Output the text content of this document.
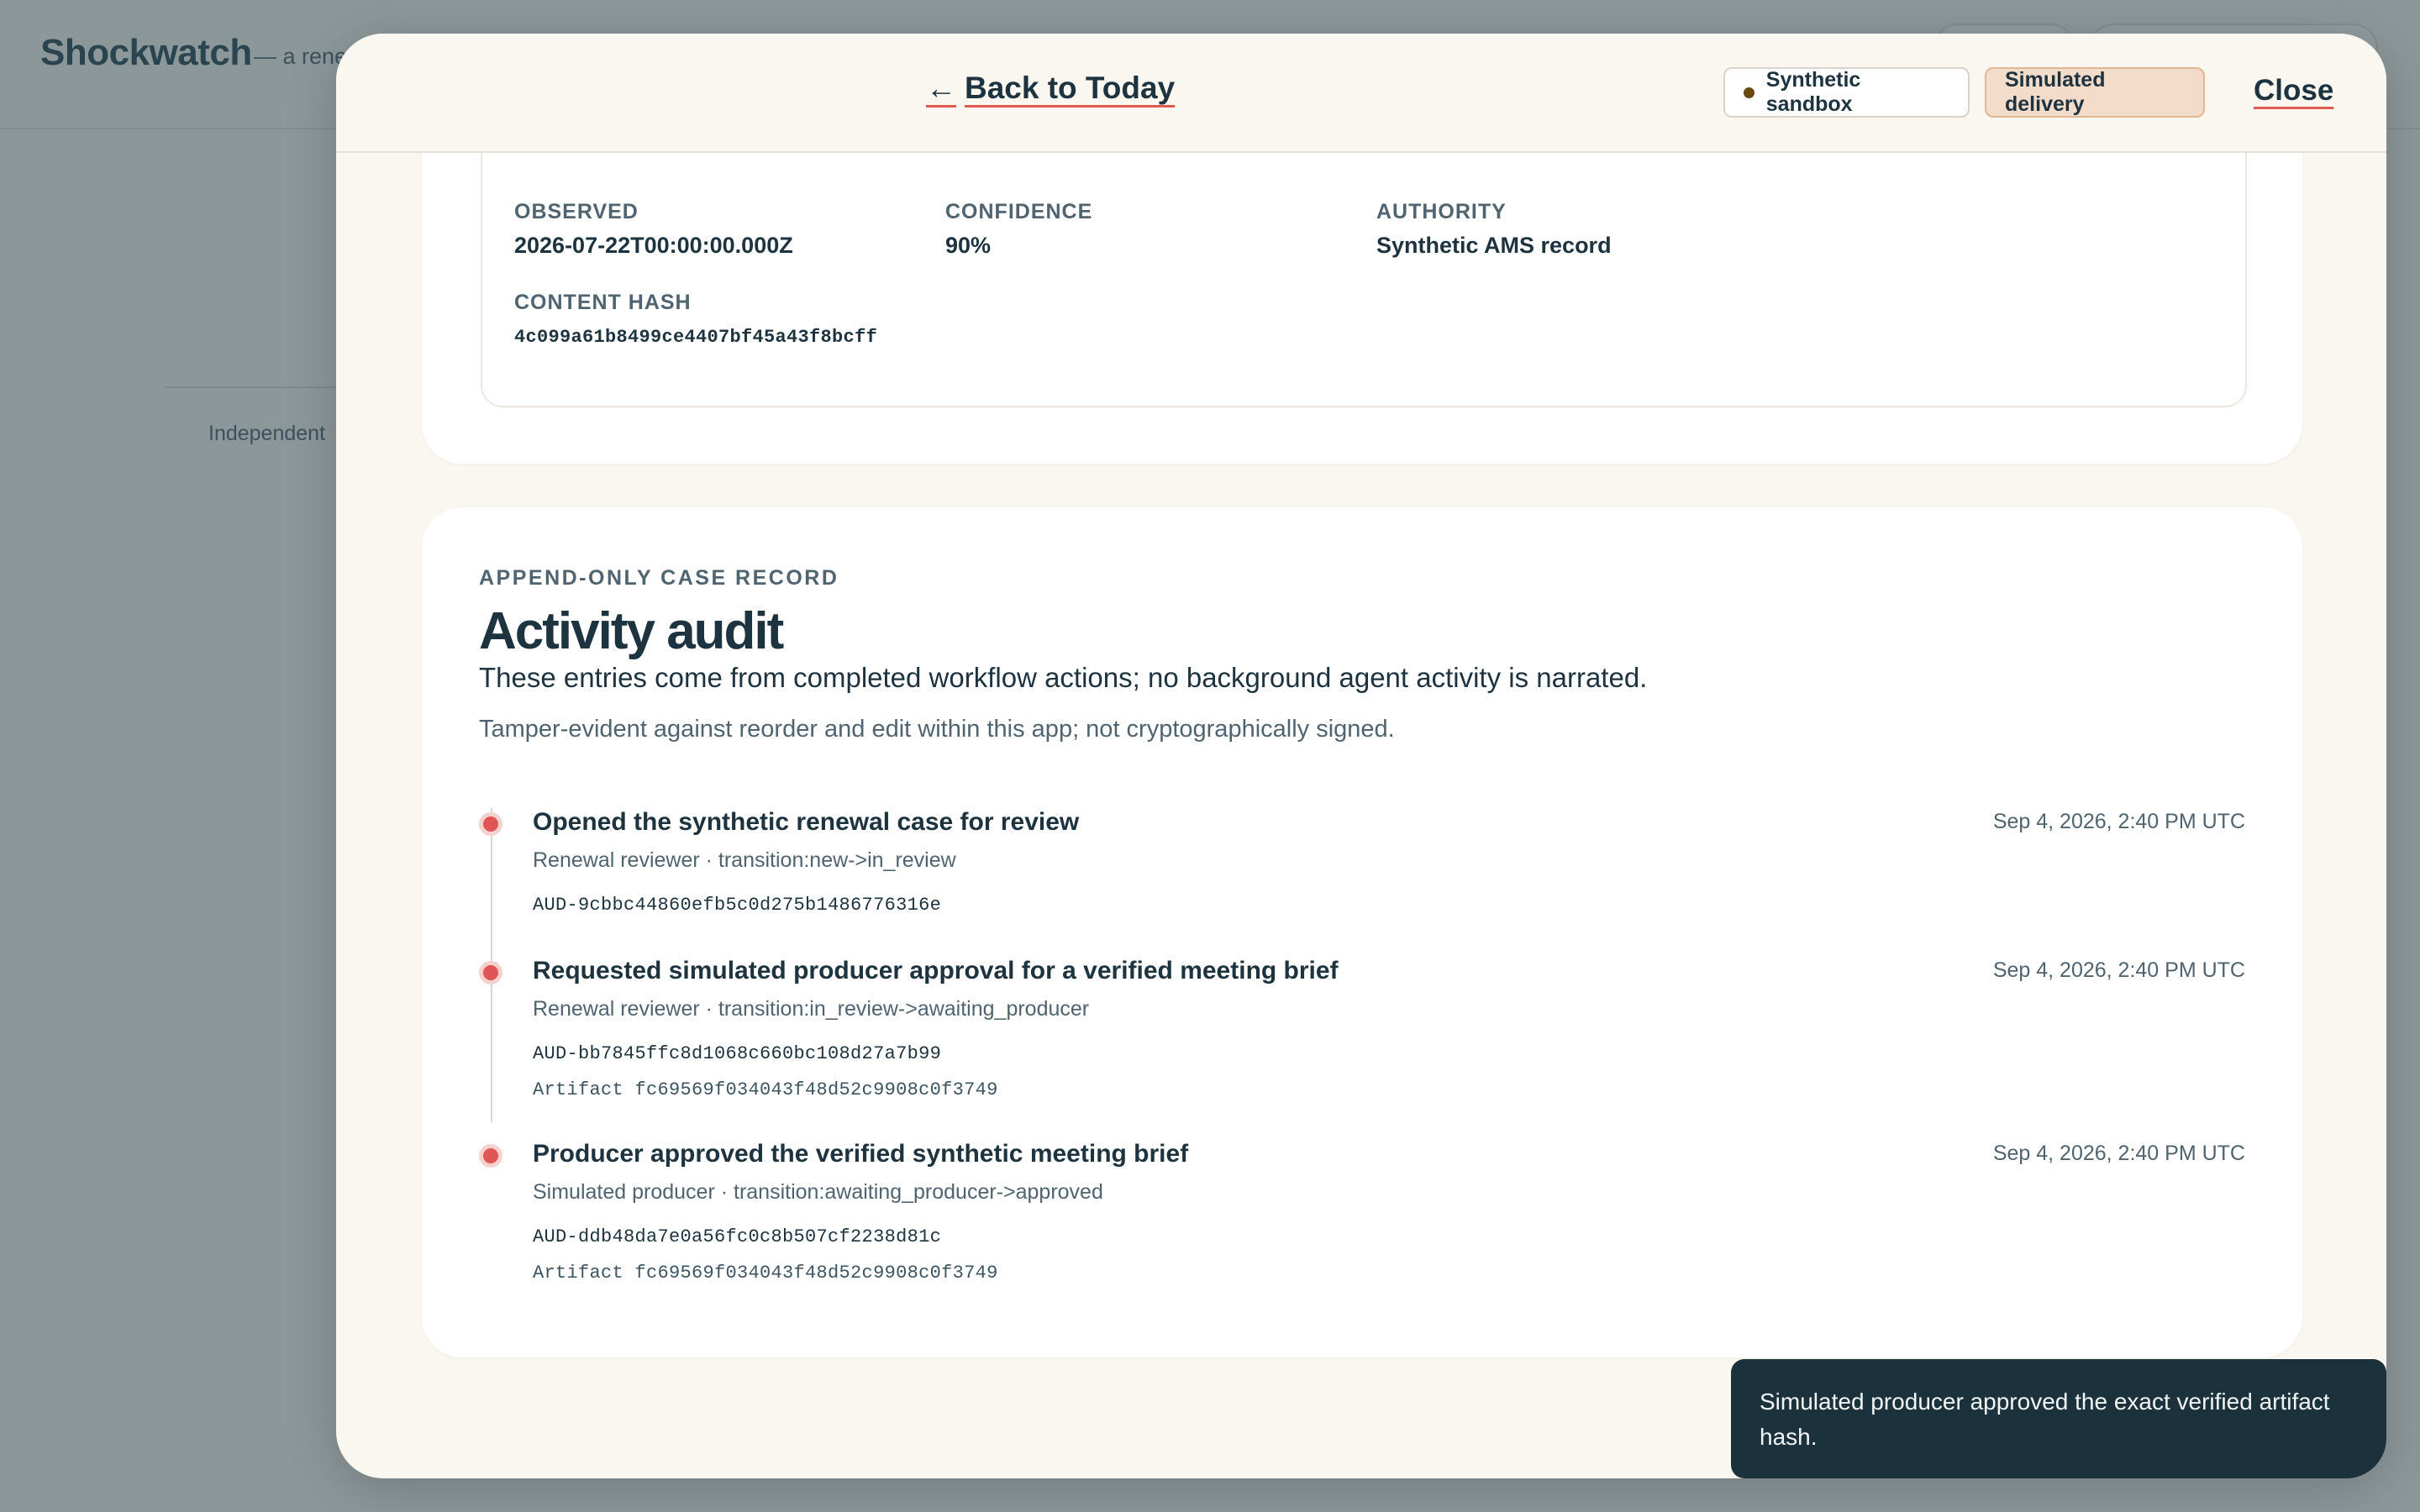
← Back to Today	Synthetic sandbox
Simulated delivery	Close

OBSERVED
2026-07-22T00:00:00.000Z
CONFIDENCE
90%
AUTHORITY
Synthetic AMS record
CONTENT HASH
4c099a61b8499ce4407bf45a43f8bcff
APPEND-ONLY CASE RECORD
Activity audit
These entries come from completed workflow actions; no background agent activity is narrated.
Tamper-evident against reorder and edit within this app; not cryptographically signed.
Opened the synthetic renewal case for review	Sep 4, 2026, 2:40 PM UTC
Renewal reviewer · transition:new->in_review
AUD-9cbbc44860efb5c0d275b1486776316e
Requested simulated producer approval for a verified meeting brief	Sep 4, 2026, 2:40 PM UTC
Renewal reviewer · transition:in_review->awaiting_producer
AUD-bb7845ffc8d1068c660bc108d27a7b99
Artifact fc69569f034043f48d52c9908c0f3749
Producer approved the verified synthetic meeting brief	Sep 4, 2026, 2:40 PM UTC
Simulated producer · transition:awaiting_producer->approved
AUD-ddb48da7e0a56fc0c8b507cf2238d81c
Artifact fc69569f034043f48d52c9908c0f3749
Simulated producer approved the exact verified artifact hash.
